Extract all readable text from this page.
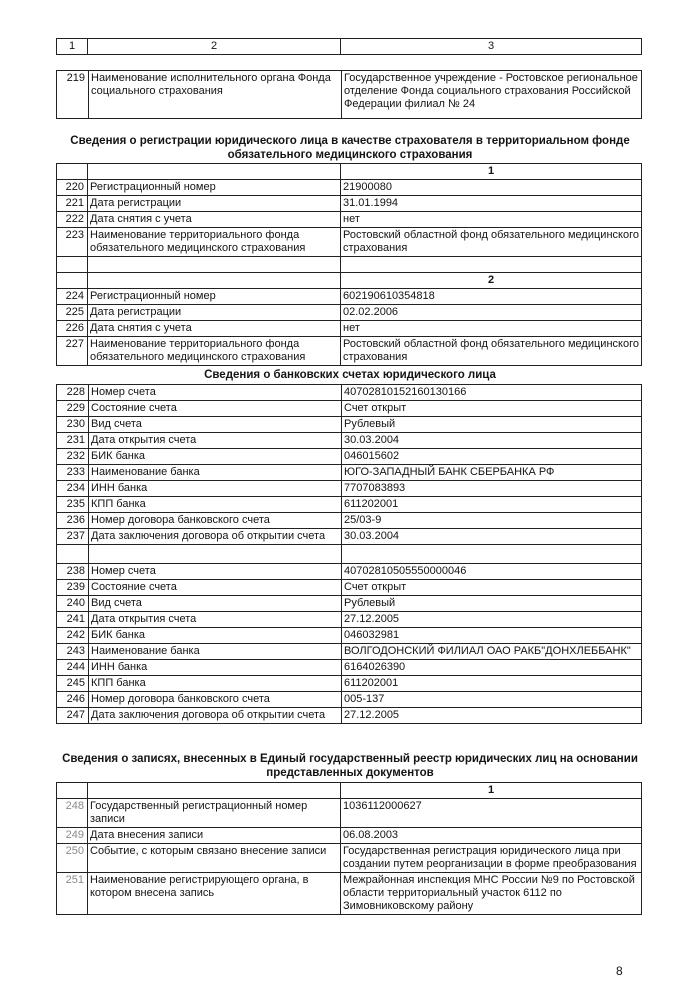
1	2	3
219	Наименование исполнительного органа Фонда социального страхования	Государственное учреждение - Ростовское региональное отделение Фонда социального страхования Российской Федерации филиал № 24
Сведения о регистрации юридического лица в качестве страхователя в территориальном фонде обязательного медицинского страхования
		1
220	Регистрационный номер	21900080
221	Дата регистрации	31.01.1994
222	Дата снятия с учета	нет
223	Наименование территориального фонда обязательного медицинского страхования	Ростовский областной фонд обязательного медицинского страхования

		2
224	Регистрационный номер	602190610354818
225	Дата регистрации	02.02.2006
226	Дата снятия с учета	нет
227	Наименование территориального фонда обязательного медицинского страхования	Ростовский областной фонд обязательного медицинского страхования
Сведения о банковских счетах юридического лица
228	Номер счета	40702810152160130166
229	Состояние счета	Счет открыт
230	Вид счета	Рублевый
231	Дата открытия счета	30.03.2004
232	БИК банка	046015602
233	Наименование банка	ЮГО-ЗАПАДНЫЙ БАНК СБЕРБАНКА РФ
234	ИНН банка	7707083893
235	КПП банка	611202001
236	Номер договора банковского счета	25/03-9
237	Дата заключения договора об открытии счета	30.03.2004

238	Номер счета	40702810505550000046
239	Состояние счета	Счет открыт
240	Вид счета	Рублевый
241	Дата открытия счета	27.12.2005
242	БИК банка	046032981
243	Наименование банка	ВОЛГОДОНСКИЙ ФИЛИАЛ ОАО РАКБ"ДОНХЛЕББАНК"
244	ИНН банка	6164026390
245	КПП банка	611202001
246	Номер договора банковского счета	005-137
247	Дата заключения договора об открытии счета	27.12.2005
Сведения о записях, внесенных в Единый государственный реестр юридических лиц на основании представленных документов
		1
248	Государственный регистрационный номер записи	1036112000627
249	Дата внесения записи	06.08.2003
250	Событие, с которым связано внесение записи	Государственная регистрация юридического лица при создании путем реорганизации в форме преобразования
251	Наименование регистрирующего органа, в котором внесена запись	Межрайонная инспекция МНС России №9 по Ростовской области территориальный участок 6112 по Зимовниковскому району
8
